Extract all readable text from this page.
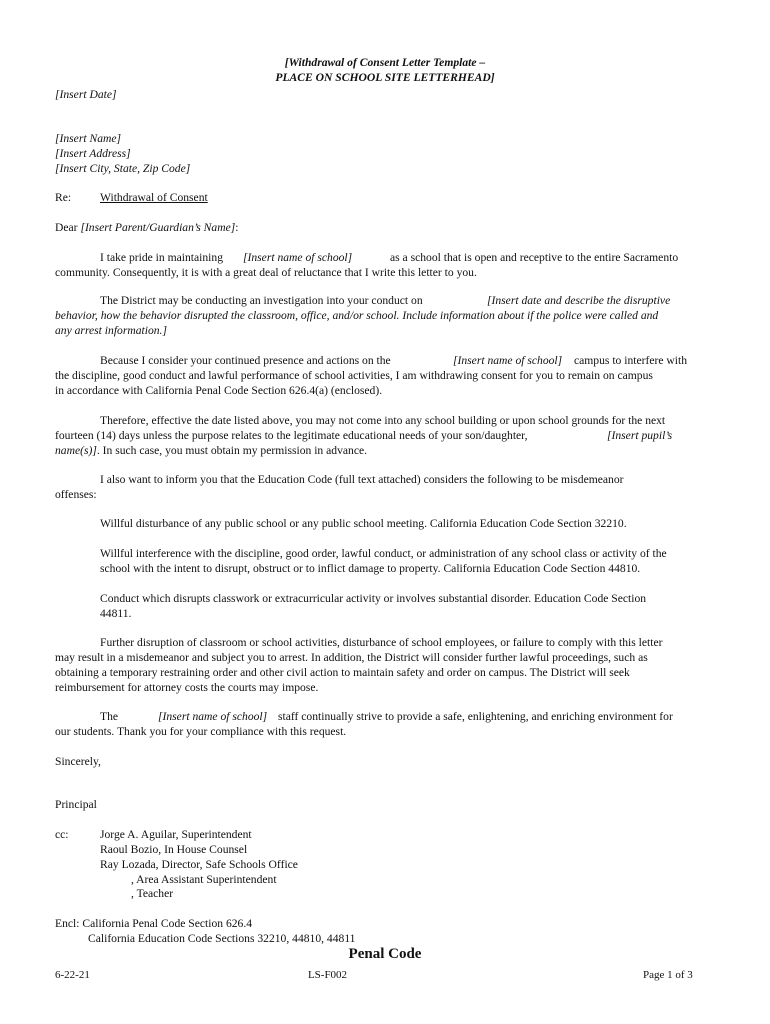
[Withdrawal of Consent Letter Template –
PLACE ON SCHOOL SITE LETTERHEAD]
[Insert Date]
[Insert Name]
[Insert Address]
[Insert City, State, Zip Code]
Re: Withdrawal of Consent
Dear [Insert Parent/Guardian’s Name]:
I take pride in maintaining [Insert name of school]	as a school that is open and receptive to the entire Sacramento
community. Consequently, it is with a great deal of reluctance that I write this letter to you.
The District may be conducting an investigation into your conduct on	[Insert date and describe the disruptive
behavior, how the behavior disrupted the classroom, office, and/or school. Include information about if the police were called and
any arrest information.]
Because I consider your continued presence and actions on the	[Insert name of school] campus to interfere with
the discipline, good conduct and lawful performance of school activities, I am withdrawing consent for you to remain on campus
in accordance with California Penal Code Section 626.4(a) (enclosed).
Therefore, effective the date listed above, you may not come into any school building or upon school grounds for the next
fourteen (14) days unless the purpose relates to the legitimate educational needs of your son/daughter,	[Insert pupil’s
name(s)]. In such case, you must obtain my permission in advance.
I also want to inform you that the Education Code (full text attached) considers the following to be misdemeanor
offenses:
Willful disturbance of any public school or any public school meeting. California Education Code Section 32210.
Willful interference with the discipline, good order, lawful conduct, or administration of any school class or activity of the
school with the intent to disrupt, obstruct or to inflict damage to property. California Education Code Section 44810.
Conduct which disrupts classwork or extracurricular activity or involves substantial disorder. Education Code Section
44811.
Further disruption of classroom or school activities, disturbance of school employees, or failure to comply with this letter
may result in a misdemeanor and subject you to arrest. In addition, the District will consider further lawful proceedings, such as
obtaining a temporary restraining order and other civil action to maintain safety and order on campus. The District will seek
reimbursement for attorney costs the courts may impose.
The	[Insert name of school] staff continually strive to provide a safe, enlightening, and enriching environment for
our students. Thank you for your compliance with this request.
Sincerely,
Principal
cc:	Jorge A. Aguilar, Superintendent
Raoul Bozio, In House Counsel
Ray Lozada, Director, Safe Schools Office
, Area Assistant Superintendent
, Teacher
Encl: California Penal Code Section 626.4
California Education Code Sections 32210, 44810, 44811
Penal Code
6-22-21	LS-F002	Page 1 of 3
